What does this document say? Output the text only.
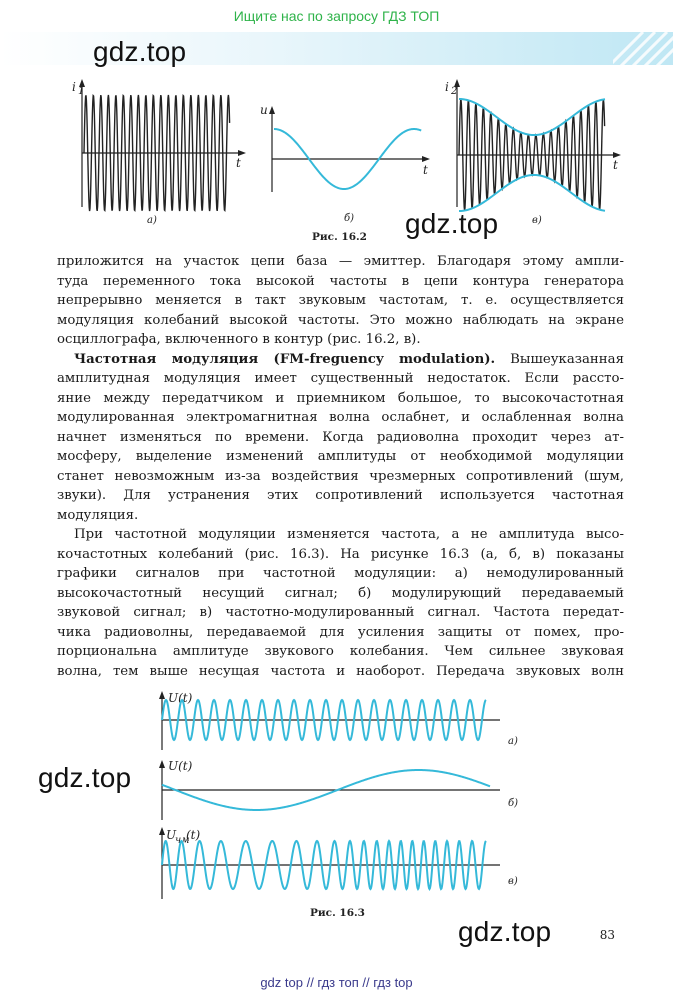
Ищите нас по запросу ГДЗ ТОП
gdz.top
i 1
t
а)
u
t
б)
i 2
t
в)
gdz.top
Рис. 16.2
приложится на участок цепи база — эмиттер. Благодаря этому ампли-
туда переменного тока высокой частоты в цепи контура генератора
непрерывно меняется в такт звуковым частотам, т. е. осуществляется
модуляция колебаний высокой частоты. Это можно наблюдать на экране
осциллографа, включенного в контур (рис. 16.2, в).
Частотная модуляция (FM-freguency modulation). Вышеуказанная
амплитудная модуляция имеет существенный недостаток. Если рассто-
яние между передатчиком и приемником большое, то высокочастотная
модулированная электромагнитная волна ослабнет, и ослабленная волна
начнет изменяться по времени. Когда радиоволна проходит через ат-
мосферу, выделение изменений амплитуды от необходимой модуляции
станет невозможным из-за воздействия чрезмерных сопротивлений (шум,
звуки). Для устранения этих сопротивлений используется частотная
модуляция.
При частотной модуляции изменяется частота, а не амплитуда высо-
кочастотных колебаний (рис. 16.3). На рисунке 16.3 (а, б, в) показаны
графики сигналов при частотной модуляции: а) немодулированный
высокочастотный несущий сигнал; б) модулирующий передаваемый
звуковой сигнал; в) частотно-модулированный сигнал. Частота передат-
чика радиоволны, передаваемой для усиления защиты от помех, про-
порциональна амплитуде звукового колебания. Чем сильнее звуковая
волна, тем выше несущая частота и наоборот. Передача звуковых волн
U(t)
а)
U(t)
б)
U
чм
(t)
в)
gdz.top
Рис. 16.3
gdz.top	83
gdz top // гдз топ // гдз top
